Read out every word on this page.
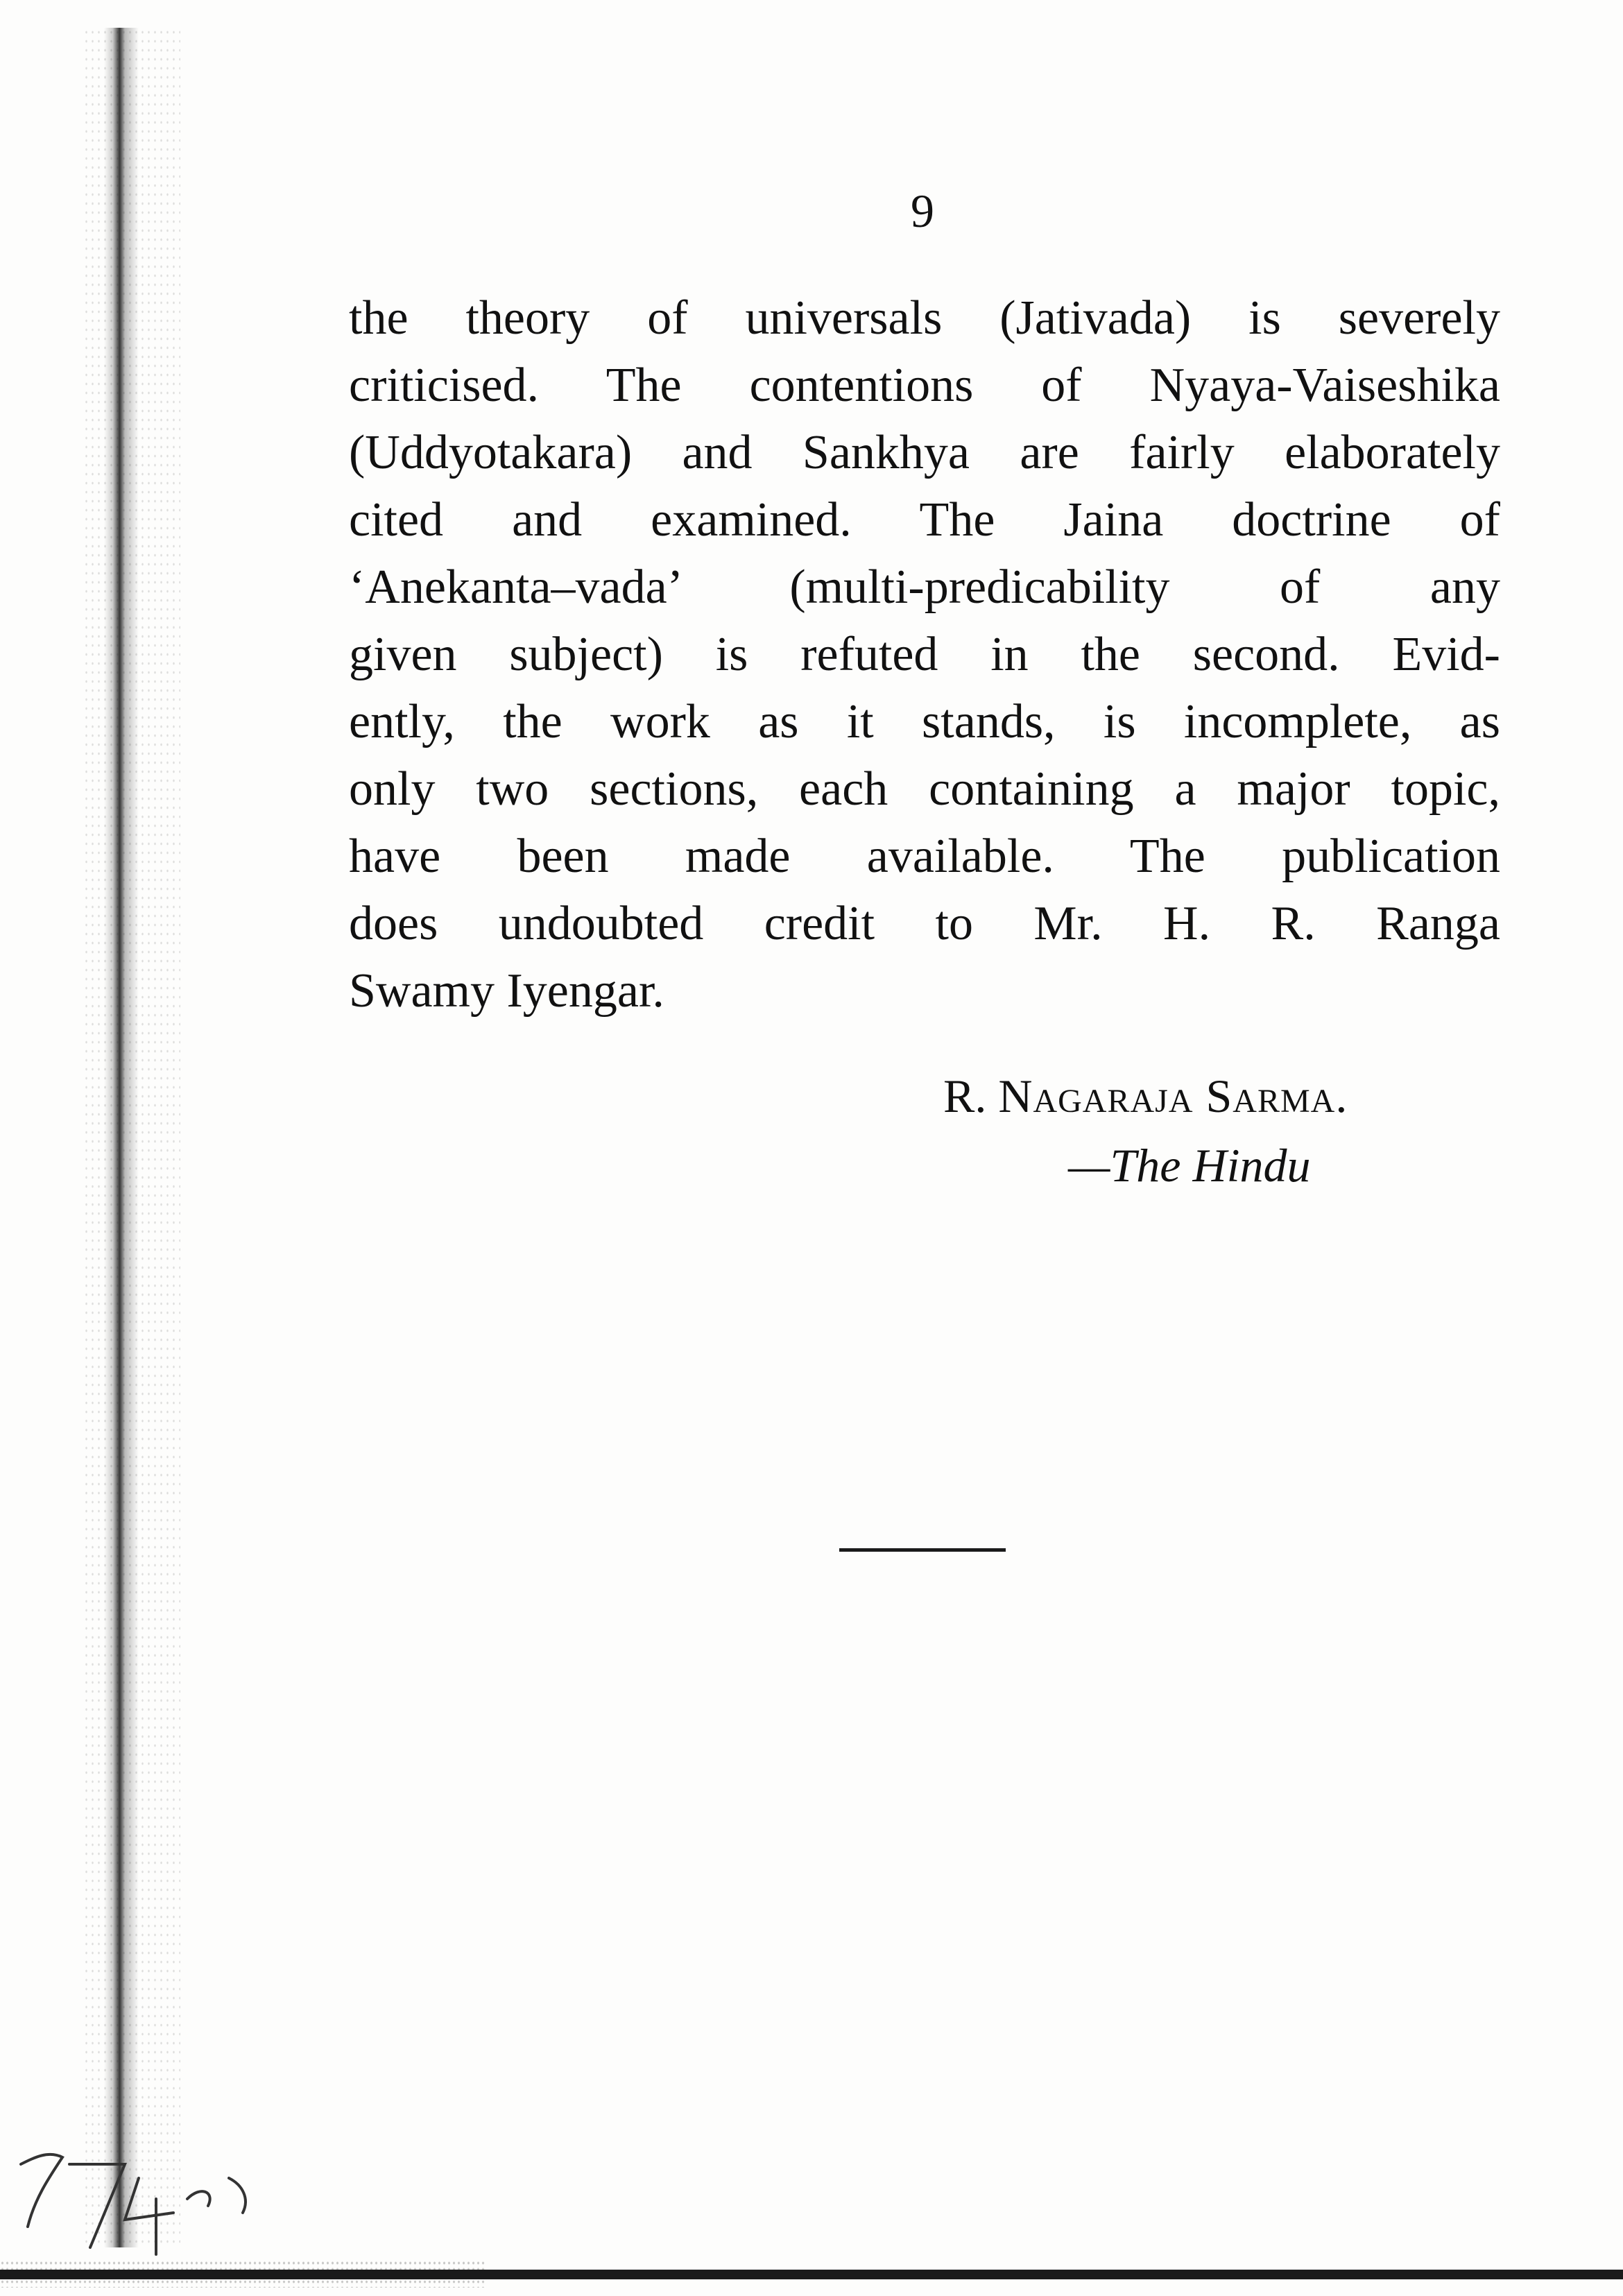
9
the theory of universals (Jativada) is severely
criticised. The contentions of Nyaya-Vaiseshika
(Uddyotakara) and Sankhya are fairly elaborately
cited and examined. The Jaina doctrine of
‘Anekanta–vada’ (multi-predicability of any
given subject) is refuted in the second. Evid-
ently, the work as it stands, is incomplete, as
only two sections, each containing a major topic,
have been made available. The publication
does undoubted credit to Mr. H. R. Ranga
Swamy Iyengar.
R. Nagaraja Sarma.
—The Hindu
